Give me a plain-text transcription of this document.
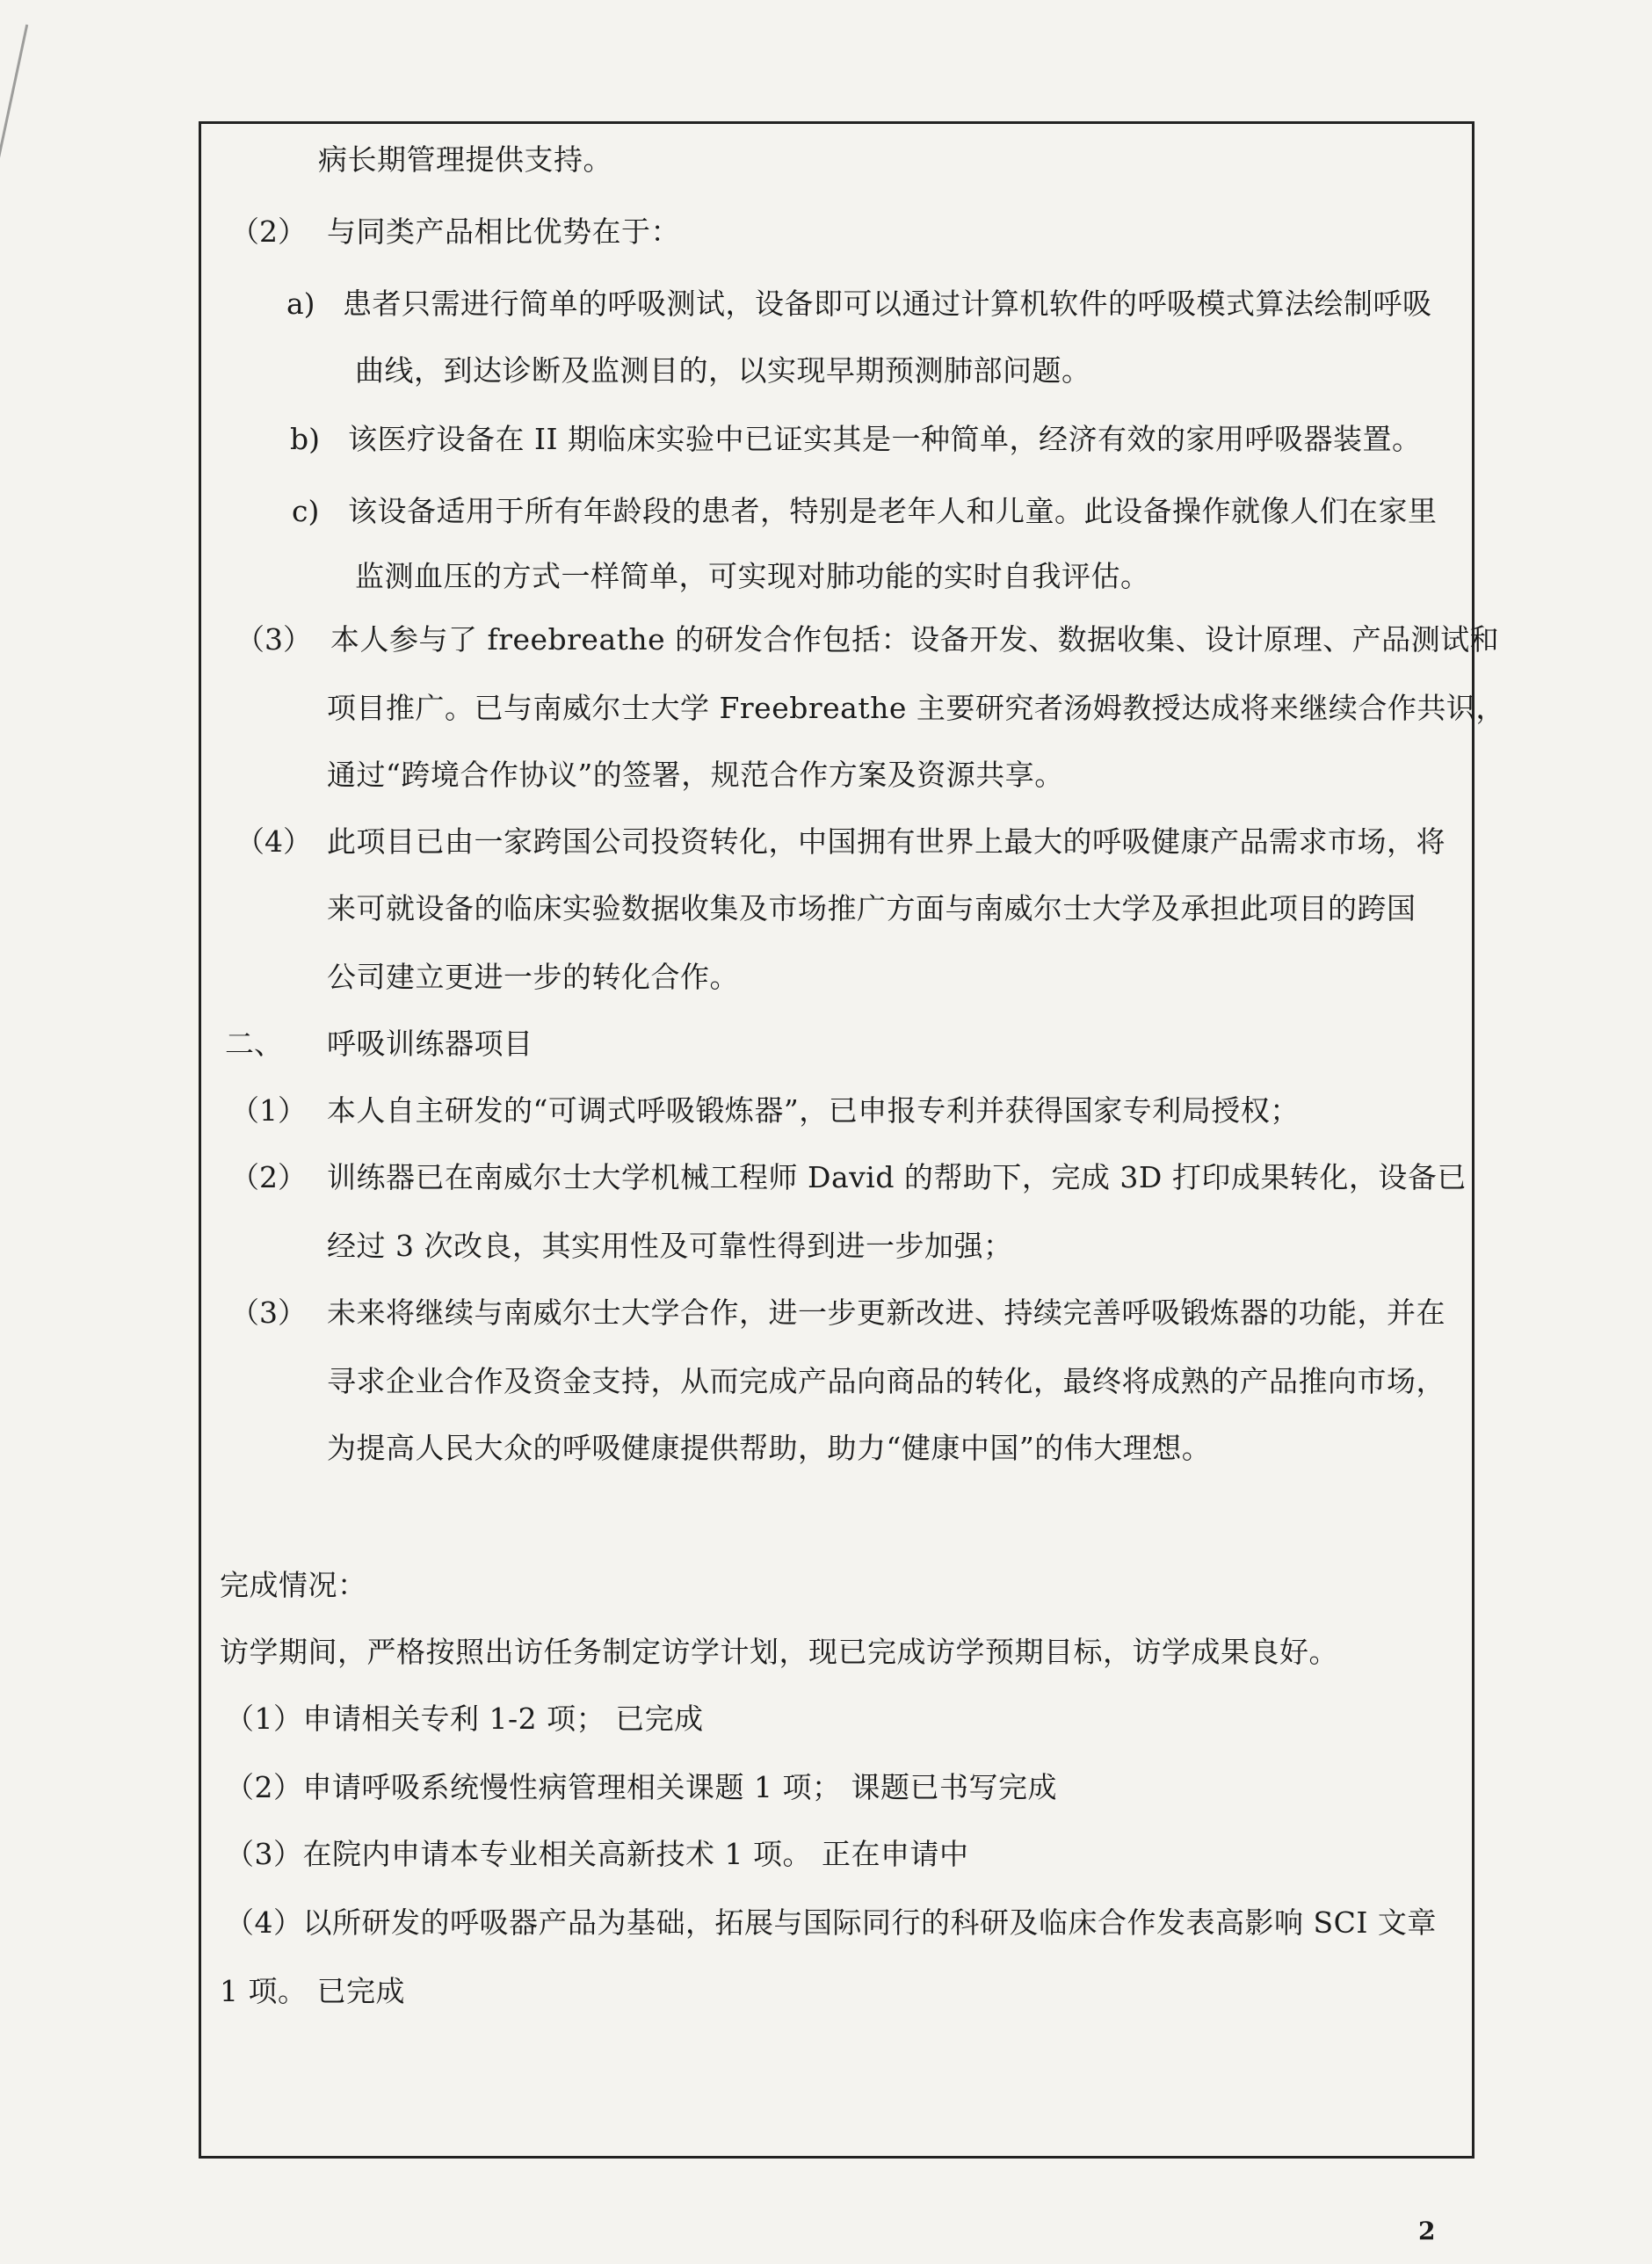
病长期管理提供支持。
（2） 与同类产品相比优势在于：
a) 患者只需进行简单的呼吸测试，设备即可以通过计算机软件的呼吸模式算法绘制呼吸
曲线，到达诊断及监测目的，以实现早期预测肺部问题。
b) 该医疗设备在 II 期临床实验中已证实其是一种简单，经济有效的家用呼吸器装置。
c) 该设备适用于所有年龄段的患者，特别是老年人和儿童。此设备操作就像人们在家里
监测血压的方式一样简单，可实现对肺功能的实时自我评估。
（3） 本人参与了 freebreathe 的研发合作包括：设备开发、数据收集、设计原理、产品测试和
项目推广。已与南威尔士大学 Freebreathe 主要研究者汤姆教授达成将来继续合作共识，
通过“跨境合作协议”的签署，规范合作方案及资源共享。
（4） 此项目已由一家跨国公司投资转化，中国拥有世界上最大的呼吸健康产品需求市场，将
来可就设备的临床实验数据收集及市场推广方面与南威尔士大学及承担此项目的跨国
公司建立更进一步的转化合作。
二、 呼吸训练器项目
（1） 本人自主研发的“可调式呼吸锻炼器”，已申报专利并获得国家专利局授权；
（2） 训练器已在南威尔士大学机械工程师 David 的帮助下，完成 3D 打印成果转化，设备已
经过 3 次改良，其实用性及可靠性得到进一步加强；
（3） 未来将继续与南威尔士大学合作，进一步更新改进、持续完善呼吸锻炼器的功能，并在
寻求企业合作及资金支持，从而完成产品向商品的转化，最终将成熟的产品推向市场，
为提高人民大众的呼吸健康提供帮助，助力“健康中国”的伟大理想。
完成情况：
访学期间，严格按照出访任务制定访学计划，现已完成访学预期目标，访学成果良好。
（1）申请相关专利 1-2 项； 已完成
（2）申请呼吸系统慢性病管理相关课题 1 项； 课题已书写完成
（3）在院内申请本专业相关高新技术 1 项。 正在申请中
（4）以所研发的呼吸器产品为基础，拓展与国际同行的科研及临床合作发表高影响 SCI 文章
1 项。 已完成
2
